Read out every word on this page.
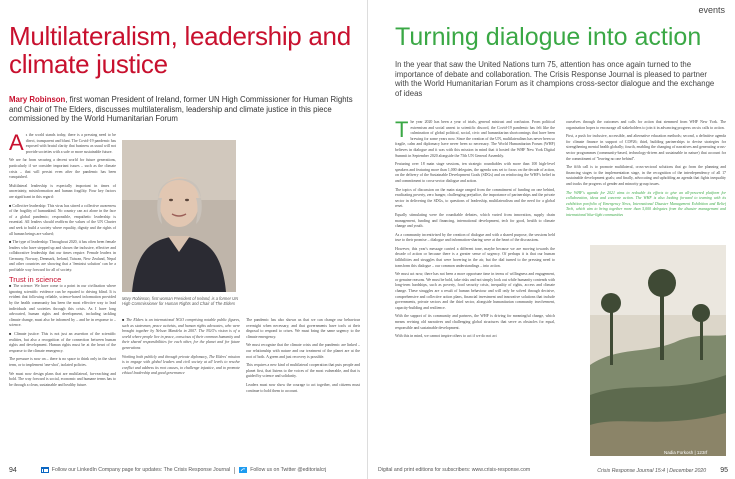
Multilateralism, leadership and climate justice

Mary Robinson, first woman President of Ireland, former UN High Commissioner for Human Rights and Chair of The Elders, discusses multilateralism, leadership and climate justice in this piece commissioned by the World Humanitarian Forum

A s the world stands today, there is a pressing need to be direct, transparent and blunt. The Covid-19 pandemic has exposed with brutal clarity that business as usual will not provide societies with a safe or more sustainable future.
We are far from securing a decent world for future generations, particularly if we consider important issues – such as the climate crisis – that will persist even after the pandemic has been vanquished.
Multilateral leadership is especially important in times of uncertainty, misinformation and human fragility. Four key factors are significant in this regard:
■ Collective leadership: This virus has stirred a collective awareness of the fragility of humankind. No country can act alone in the face of a global pandemic; responsible, empathetic leadership is essential. All leaders should reaffirm the values of the UN Charter and seek to build a society where equality, dignity and the rights of all human beings are valued;
■ The type of leadership: Throughout 2020, it has often been female leaders who have stepped up and shown the inclusive, effective and collaborative leadership that our times require. Female leaders in Germany, Norway, Denmark, Ireland, Taiwan, New Zealand, Nepal and other countries are showing that a 'feminist solution' can be a profitable way forward for all of society.
Trust in science
■ The science: We have come to a point in our civilisation where ignoring scientific evidence can be equated to driving blind. It is evident that following reliable, science-based information provided by the health community has been the most effective way to lead individuals and societies through this crisis. As I have long advocated, human rights and development, including tackling climate change, must also be informed by – and be in response to – science.
■ Climate justice: This is not just an assertion of the scientific realities, but also a recognition of the connection between human rights and development. Human rights must be at the heart of the response to the climate emergency.
The pressure is now on – there is no space to think only in the short term, or to implement 'one-shot', isolated policies.
We must now design plans that are multilateral, far-reaching and bold. The way forward is social, economic and humane terms has to be through a clean, sustainable and healthy future.
Mary Robinson, first woman President of Ireland, is a former UN High Commissioner for Human Rights and Chair of The Elders
■ The Elders is an international NGO comprising notable public figures, such as statesmen, peace activists, and human rights advocates, who were brought together by Nelson Mandela in 2007. The NGO's vision is of a world where people live in peace, conscious of their common humanity and their shared responsibilities for each other, for the planet and for future generations
Working both publicly and through private diplomacy, The Elders' mission is to engage with global leaders and civil society at all levels to resolve conflict and address its root causes, to challenge injustice, and to promote ethical leadership and good governance
The pandemic has also shown us that we can change our behaviour overnight when necessary, and that governments have tools at their disposal to respond to crises. We must bring the same urgency to the climate emergency.
We must recognise that the climate crisis and the pandemic are linked – our relationship with nature and our treatment of the planet are at the root of both. A green and just recovery is possible.
This requires a new kind of multilateral cooperation that puts people and planet first, that listens to the voices of the most vulnerable, and that is guided by science and solidarity.
Leaders must now show the courage to act together, and citizens must continue to hold them to account.
94	Follow our LinkedIn Company page for updates: The Crisis Response Journal	Follow us on Twitter @editorialcrj
events
Turning dialogue into action

In the year that saw the United Nations turn 75, attention has once again turned to the importance of debate and collaboration. The Crisis Response Journal is pleased to partner with the World Humanitarian Forum as it champions cross-sector dialogue and the exchange of ideas

T he year 2020 has been a year of trials, general mistrust and confusion. From political extremism and social unrest to scientific discord, the Covid-19 pandemic has felt like the culmination of global political, social, civic and humanitarian shortcomings that have been brewing for some years now. Since the creation of the UN, multilateralism has never been so fragile, calm and diplomacy have never been so necessary. The World Humanitarian Forum (WHF) believes in dialogue and it was with this mission in mind that it hosted the WHF New York Digital Summit in September 2020 alongside the 75th UN General Assembly.
Featuring over 18 main stage sessions, ten strategic roundtables with more than 100 high-level speakers and featuring more than 1,000 delegates, the agenda was set to focus on the decade of action, on the delivery of the Sustainable Development Goals (SDGs) and on reinforcing the WHF's belief in and commitment to cross-sector dialogue and action.
The topics of discussion on the main stage ranged from the commitment of funding on one behind, eradicating poverty, zero hunger, challenging prejudice, the importance of partnerships and the private sector in delivering the SDGs, to questions of leadership, multilateralism and the need for a global reset.
Equally stimulating were the roundtable debates, which varied from innovation, supply chain management, funding and financing, international development, tech for good, health to climate change and youth.
As a community incentivised by the creation of dialogue and with a shared purpose, the sessions held true to their promise – dialogue and information-sharing were at the heart of the discussions.
However, this year's message carried a different tone, maybe because we are moving towards the decade of action or because there is a greater sense of urgency. Of perhaps it is that our human fallibilities and struggles that were hovering in the air, but the dial turned to the pressing need to transform this dialogue – our common understandings – into action.
We must act now; there has not been a more opportune time in terms of willingness and engagement, or genuine reasons. We must be bold, take risks and not simply look out while humanity contends with long-term hardships, such as poverty, food security crisis, inequality of rights, access and climate change. These struggles are a result of human behaviour and will only be solved through decisive, comprehensive and collective action plans, financial investment and innovative solutions that include governments, private sectors and the third sector, alongside humanitarian community involvement, capacity-building and resilience.
With the support of its community and partners, the WHF is driving for meaningful change, which means revising old narratives and challenging global structures that serve as obstacles for equal, responsible and sustainable development.
With this in mind, we cannot inspire others to act if we do not act
ourselves through the outcomes and calls for action that stemmed from WHF New York. The organisation hopes to encourage all stakeholders to join it in advancing progress on six calls to action.
First, a push for inclusive, accessible, and alternative education methods; second, a definitive agenda for climate finance in support of COP26; third, building partnerships to devise strategies for strengthening mental health globally; fourth, enabling the changing of narratives and generating cross-sector programmes (community-based, technology-driven and sustainable in nature) that account for the commitment of "leaving no one behind".
The fifth call is to promote multilateral, cross-sectoral solutions that go from the planning and financing stages to the implementation stage, in the recognition of the interdependency of all 17 sustainable development goals; and finally, advocating and upholding an agenda that fights inequality and tracks the progress of gender and minority group issues.
The WHF's agenda for 2021 aims to redouble its efforts to give an all-powered platform for collaboration, ideas and concrete action. The WHF is also looking forward to teaming with its exhibition portfolio of Emergency News, International Disaster Management Exhibition and Relief Tech, which aim to bring together more than 5,000 delegates from the disaster management and international blue-light communities
Nadia Forkosh | 123rf
Digital and print editions for subscribers: www.crisis-response.com	Crisis Response Journal 15:4 | December 2020 95
